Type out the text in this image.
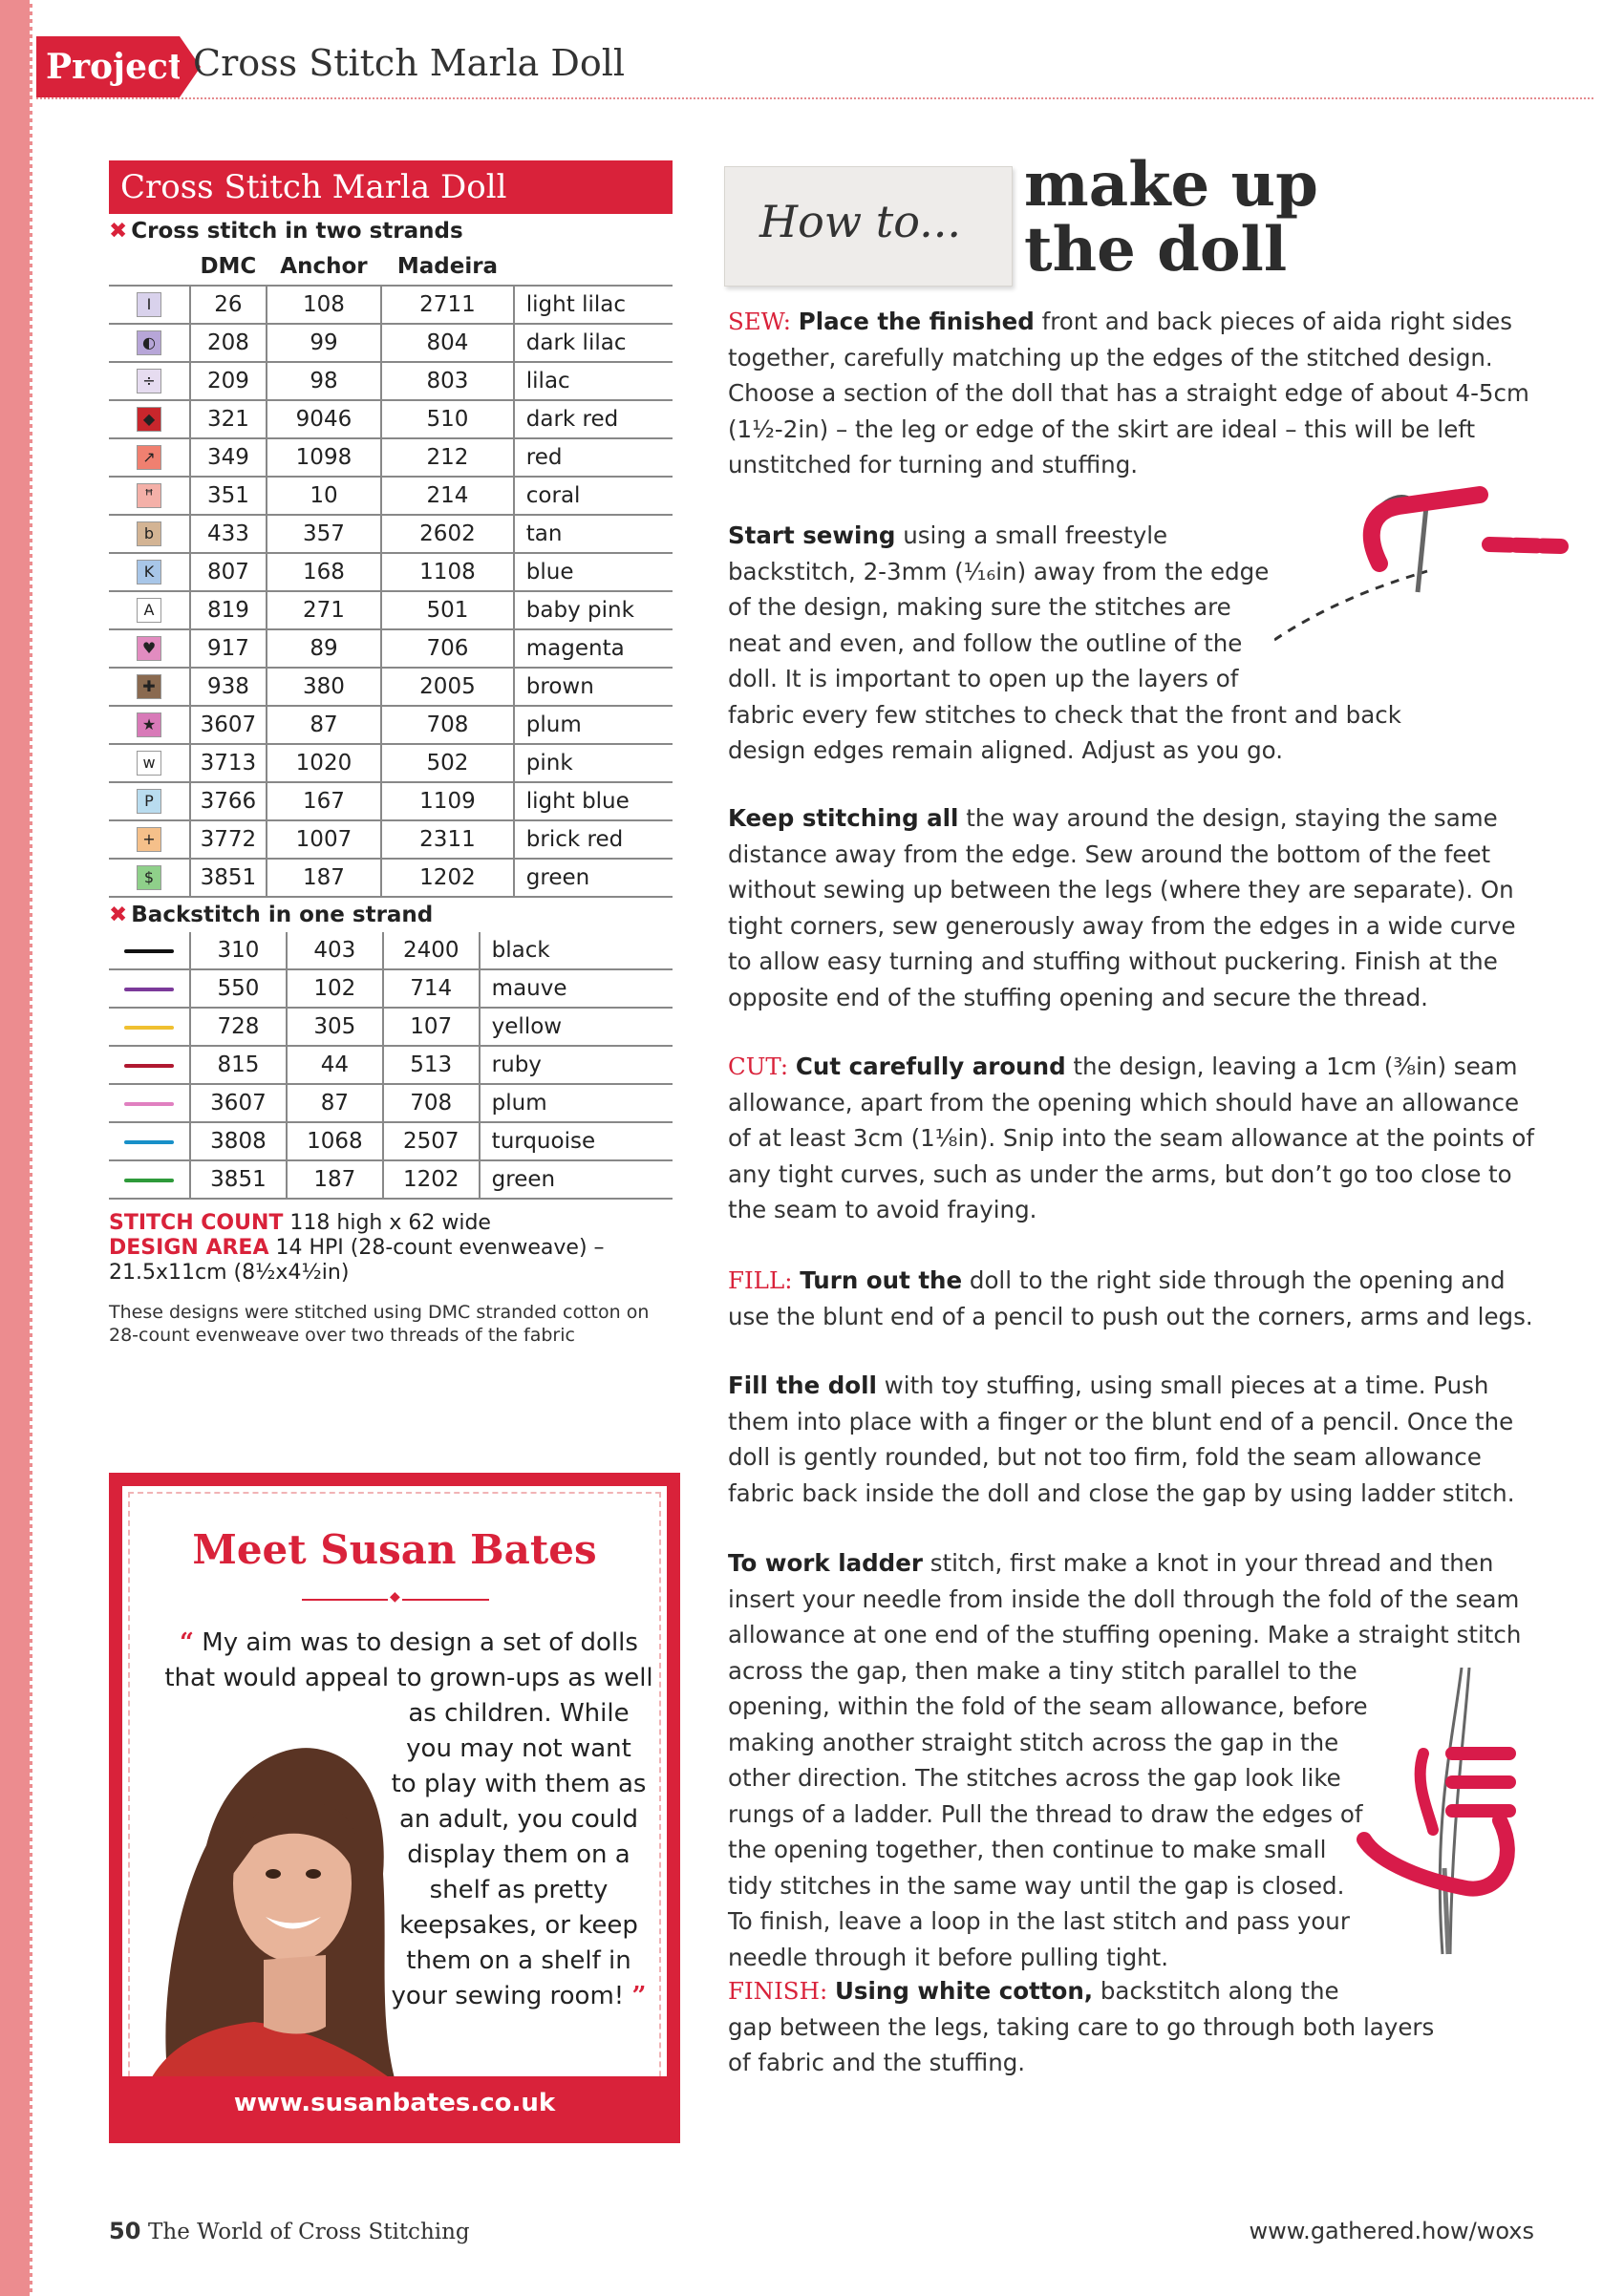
Project Cross Stitch Marla Doll
Cross Stitch Marla Doll
✖ Cross stitch in two strands
	DMC	Anchor	Madeira	
I	26	108	2711	light lilac
◐	208	99	804	dark lilac
÷	209	98	803	lilac
◆	321	9046	510	dark red
↗	349	1098	212	red
ꟸ	351	10	214	coral
b	433	357	2602	tan
K	807	168	1108	blue
A	819	271	501	baby pink
♥	917	89	706	magenta
✚	938	380	2005	brown
★	3607	87	708	plum
w	3713	1020	502	pink
P	3766	167	1109	light blue
+	3772	1007	2311	brick red
$	3851	187	1202	green
✖ Backstitch in one strand
	310	403	2400	black
	550	102	714	mauve
	728	305	107	yellow
	815	44	513	ruby
	3607	87	708	plum
	3808	1068	2507	turquoise
	3851	187	1202	green
STITCH COUNT 118 high x 62 wide
DESIGN AREA 14 HPI (28-count evenweave) – 21.5x11cm (8½x4½in)
These designs were stitched using DMC stranded cotton on 28-count evenweave over two threads of the fabric
Meet Susan Bates
◆
“ My aim was to design a set of dolls that would appeal to grown-ups as well
as children. While you may not want to play with them as an adult, you could display them on a shelf as pretty keepsakes, or keep them on a shelf in your sewing room! ”
www.susanbates.co.uk
How to...
make up
the doll
SEW: Place the finished front and back pieces of aida right sides together, carefully matching up the edges of the stitched design. Choose a section of the doll that has a straight edge of about 4-5cm (1½-2in) – the leg or edge of the skirt are ideal – this will be left unstitched for turning and stuffing.
Start sewing using a small freestyle
backstitch, 2-3mm (¹⁄₁₆in) away from the edge
of the design, making sure the stitches are
neat and even, and follow the outline of the
doll. It is important to open up the layers of
fabric every few stitches to check that the front and back design edges remain aligned. Adjust as you go.
Keep stitching all the way around the design, staying the same distance away from the edge. Sew around the bottom of the feet without sewing up between the legs (where they are separate). On tight corners, sew generously away from the edges in a wide curve to allow easy turning and stuffing without puckering. Finish at the opposite end of the stuffing opening and secure the thread.
CUT: Cut carefully around the design, leaving a 1cm (³⁄₈in) seam allowance, apart from the opening which should have an allowance of at least 3cm (1¹⁄₈in). Snip into the seam allowance at the points of any tight curves, such as under the arms, but don’t go too close to the seam to avoid fraying.
FILL: Turn out the doll to the right side through the opening and use the blunt end of a pencil to push out the corners, arms and legs.
Fill the doll with toy stuffing, using small pieces at a time. Push them into place with a finger or the blunt end of a pencil. Once the doll is gently rounded, but not too firm, fold the seam allowance fabric back inside the doll and close the gap by using ladder stitch.
To work ladder stitch, first make a knot in your thread and then insert your needle from inside the doll through the fold of the seam allowance at one end of the stuffing opening. Make a straight stitch
across the gap, then make a tiny stitch parallel to the
opening, within the fold of the seam allowance, before
making another straight stitch across the gap in the
other direction. The stitches across the gap look like
rungs of a ladder. Pull the thread to draw the edges of
the opening together, then continue to make small
tidy stitches in the same way until the gap is closed.
To finish, leave a loop in the last stitch and pass your
needle through it before pulling tight.
FINISH: Using white cotton, backstitch along the
gap between the legs, taking care to go through both layers
of fabric and the stuffing.
50 The World of Cross Stitching	www.gathered.how/woxs
